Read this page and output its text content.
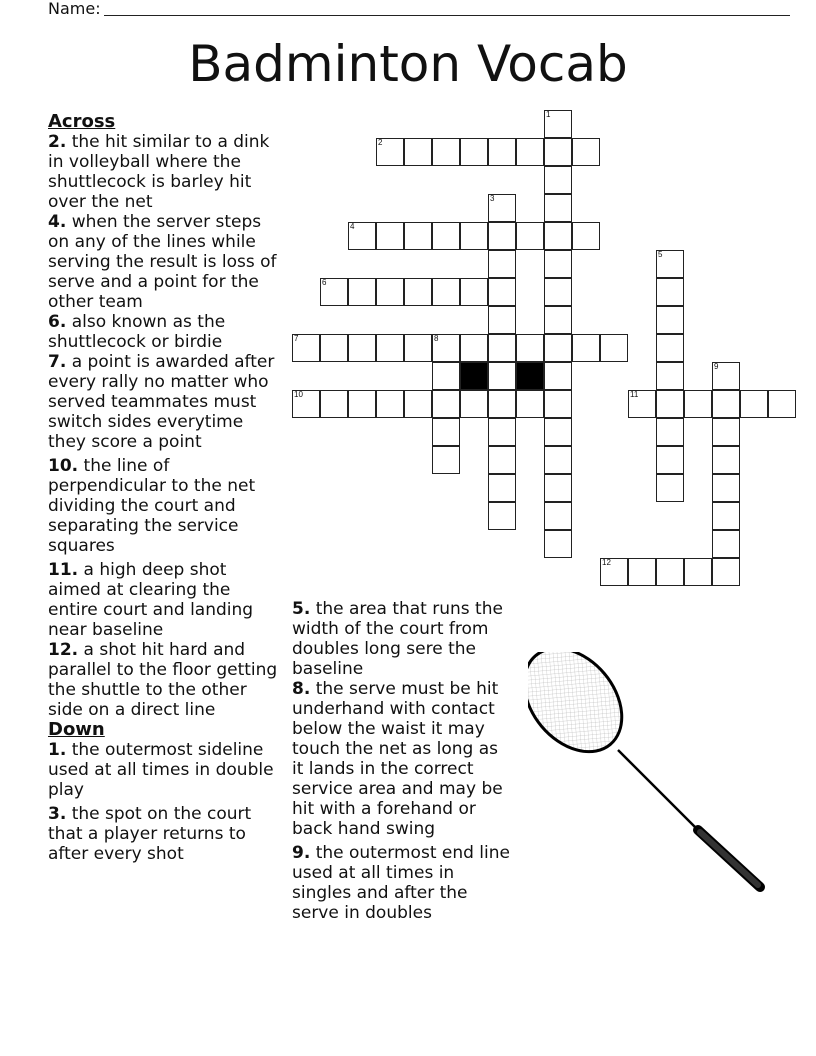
Name:
Badminton Vocab
Across
2. the hit similar to a dink in volleyball where the shuttlecock is barley hit over the net
4. when the server steps on any of the lines while serving the result is loss of serve and a point for the other team
6. also known as the shuttlecock or birdie
7. a point is awarded after every rally no matter who served teammates must switch sides everytime they score a point
10. the line of perpendicular to the net dividing the court and separating the service squares
11. a high deep shot aimed at clearing the entire court and landing near baseline
12. a shot hit hard and parallel to the floor getting the shuttle to the other side on a direct line
Down
1. the outermost sideline used at all times in double play
3. the spot on the court that a player returns to after every shot
5. the area that runs the width of the court from doubles long sere the baseline
8. the serve must be hit underhand with contact below the waist it may touch the net as long as it lands in the correct service area and may be hit with a forehand or back hand swing
9. the outermost end line used at all times in singles and after the serve in doubles
1
2
3
4
5
6
7	8
9
10	11
12
